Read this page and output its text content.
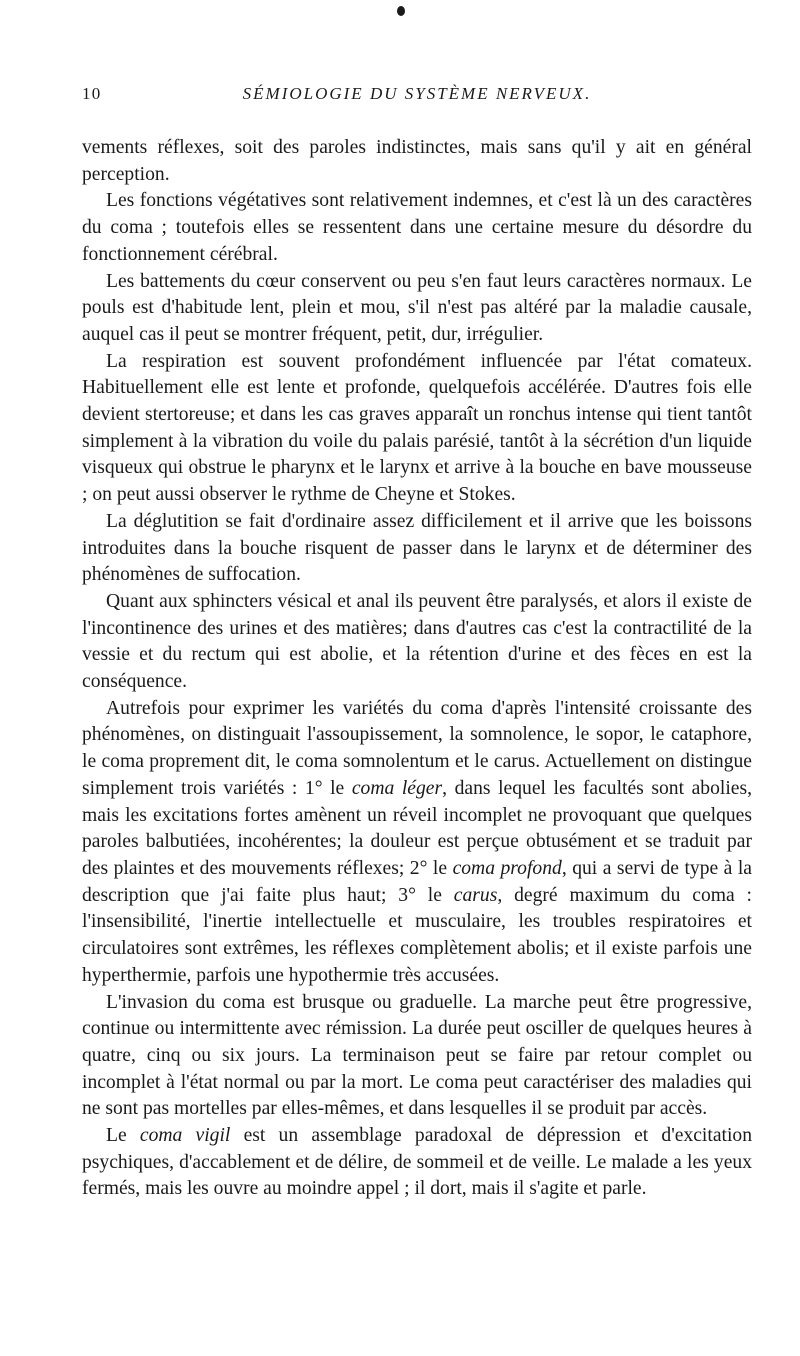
10	SÉMIOLOGIE DU SYSTÈME NERVEUX.

vements réflexes, soit des paroles indistinctes, mais sans qu'il y ait en général perception.

Les fonctions végétatives sont relativement indemnes, et c'est là un des caractères du coma ; toutefois elles se ressentent dans une certaine mesure du désordre du fonctionnement cérébral.

Les battements du cœur conservent ou peu s'en faut leurs caractères normaux. Le pouls est d'habitude lent, plein et mou, s'il n'est pas altéré par la maladie causale, auquel cas il peut se montrer fréquent, petit, dur, irrégulier.

La respiration est souvent profondément influencée par l'état comateux. Habituellement elle est lente et profonde, quelquefois accélérée. D'autres fois elle devient stertoreuse; et dans les cas graves apparaît un ronchus intense qui tient tantôt simplement à la vibration du voile du palais parésié, tantôt à la sécrétion d'un liquide visqueux qui obstrue le pharynx et le larynx et arrive à la bouche en bave mousseuse ; on peut aussi observer le rythme de Cheyne et Stokes.

La déglutition se fait d'ordinaire assez difficilement et il arrive que les boissons introduites dans la bouche risquent de passer dans le larynx et de déterminer des phénomènes de suffocation.

Quant aux sphincters vésical et anal ils peuvent être paralysés, et alors il existe de l'incontinence des urines et des matières; dans d'autres cas c'est la contractilité de la vessie et du rectum qui est abolie, et la rétention d'urine et des fèces en est la conséquence.

Autrefois pour exprimer les variétés du coma d'après l'intensité croissante des phénomènes, on distinguait l'assoupissement, la somnolence, le sopor, le cataphore, le coma proprement dit, le coma somnolentum et le carus. Actuellement on distingue simplement trois variétés : 1° le coma léger, dans lequel les facultés sont abolies, mais les excitations fortes amènent un réveil incomplet ne provoquant que quelques paroles balbutiées, incohérentes; la douleur est perçue obtusément et se traduit par des plaintes et des mouvements réflexes; 2° le coma profond, qui a servi de type à la description que j'ai faite plus haut; 3° le carus, degré maximum du coma : l'insensibilité, l'inertie intellectuelle et musculaire, les troubles respiratoires et circulatoires sont extrêmes, les réflexes complètement abolis; et il existe parfois une hyperthermie, parfois une hypothermie très accusées.

L'invasion du coma est brusque ou graduelle. La marche peut être progressive, continue ou intermittente avec rémission. La durée peut osciller de quelques heures à quatre, cinq ou six jours. La terminaison peut se faire par retour complet ou incomplet à l'état normal ou par la mort. Le coma peut caractériser des maladies qui ne sont pas mortelles par elles-mêmes, et dans lesquelles il se produit par accès.

Le coma vigil est un assemblage paradoxal de dépression et d'excitation psychiques, d'accablement et de délire, de sommeil et de veille. Le malade a les yeux fermés, mais les ouvre au moindre appel ; il dort, mais il s'agite et parle.
